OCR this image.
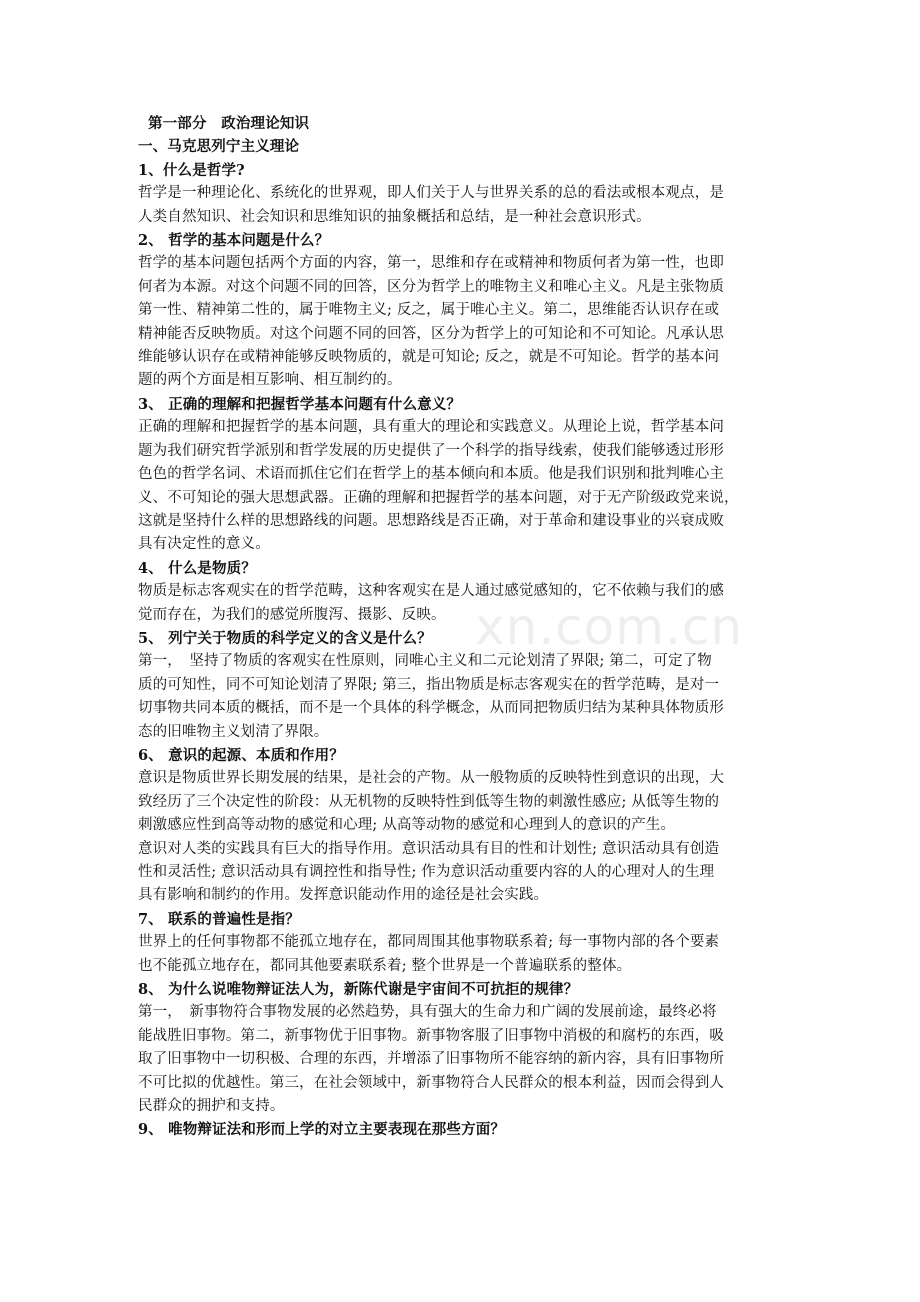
xn.com.cn
第一部分　政治理论知识
一、马克思列宁主义理论
1、什么是哲学?
哲学是一种理论化、系统化的世界观，即人们关于人与世界关系的总的看法或根本观点，是
人类自然知识、社会知识和思维知识的抽象概括和总结，是一种社会意识形式。
2、 哲学的基本问题是什么？
哲学的基本问题包括两个方面的内容，第一，思维和存在或精神和物质何者为第一性，也即
何者为本源。对这个问题不同的回答，区分为哲学上的唯物主义和唯心主义。凡是主张物质
第一性、精神第二性的，属于唯物主义; 反之，属于唯心主义。第二，思维能否认识存在或
精神能否反映物质。对这个问题不同的回答，区分为哲学上的可知论和不可知论。凡承认思
维能够认识存在或精神能够反映物质的，就是可知论; 反之，就是不可知论。哲学的基本问
题的两个方面是相互影响、相互制约的。
3、 正确的理解和把握哲学基本问题有什么意义？
正确的理解和把握哲学的基本问题，具有重大的理论和实践意义。从理论上说，哲学基本问
题为我们研究哲学派别和哲学发展的历史提供了一个科学的指导线索，使我们能够透过形形
色色的哲学名词、术语而抓住它们在哲学上的基本倾向和本质。他是我们识别和批判唯心主
义、不可知论的强大思想武器。正确的理解和把握哲学的基本问题，对于无产阶级政党来说，
这就是坚持什么样的思想路线的问题。思想路线是否正确，对于革命和建设事业的兴衰成败
具有决定性的意义。
4、 什么是物质？
物质是标志客观实在的哲学范畴，这种客观实在是人通过感觉感知的，它不依赖与我们的感
觉而存在，为我们的感觉所腹泻、摄影、反映。
5、 列宁关于物质的科学定义的含义是什么？
第一，　坚持了物质的客观实在性原则，同唯心主义和二元论划清了界限; 第二，可定了物
质的可知性，同不可知论划清了界限; 第三，指出物质是标志客观实在的哲学范畴，是对一
切事物共同本质的概括，而不是一个具体的科学概念，从而同把物质归结为某种具体物质形
态的旧唯物主义划清了界限。
6、 意识的起源、本质和作用？
意识是物质世界长期发展的结果，是社会的产物。从一般物质的反映特性到意识的出现，大
致经历了三个决定性的阶段：从无机物的反映特性到低等生物的刺激性感应; 从低等生物的
刺激感应性到高等动物的感觉和心理; 从高等动物的感觉和心理到人的意识的产生。
意识对人类的实践具有巨大的指导作用。意识活动具有目的性和计划性; 意识活动具有创造
性和灵活性; 意识活动具有调控性和指导性; 作为意识活动重要内容的人的心理对人的生理
具有影响和制约的作用。发挥意识能动作用的途径是社会实践。
7、 联系的普遍性是指？
世界上的任何事物都不能孤立地存在，都同周围其他事物联系着; 每一事物内部的各个要素
也不能孤立地存在，都同其他要素联系着; 整个世界是一个普遍联系的整体。
8、 为什么说唯物辩证法人为，新陈代谢是宇宙间不可抗拒的规律？
第一，　新事物符合事物发展的必然趋势，具有强大的生命力和广阔的发展前途，最终必将
能战胜旧事物。第二，新事物优于旧事物。新事物客服了旧事物中消极的和腐朽的东西，吸
取了旧事物中一切积极、合理的东西，并增添了旧事物所不能容纳的新内容，具有旧事物所
不可比拟的优越性。第三，在社会领域中，新事物符合人民群众的根本利益，因而会得到人
民群众的拥护和支持。
9、 唯物辩证法和形而上学的对立主要表现在那些方面？
